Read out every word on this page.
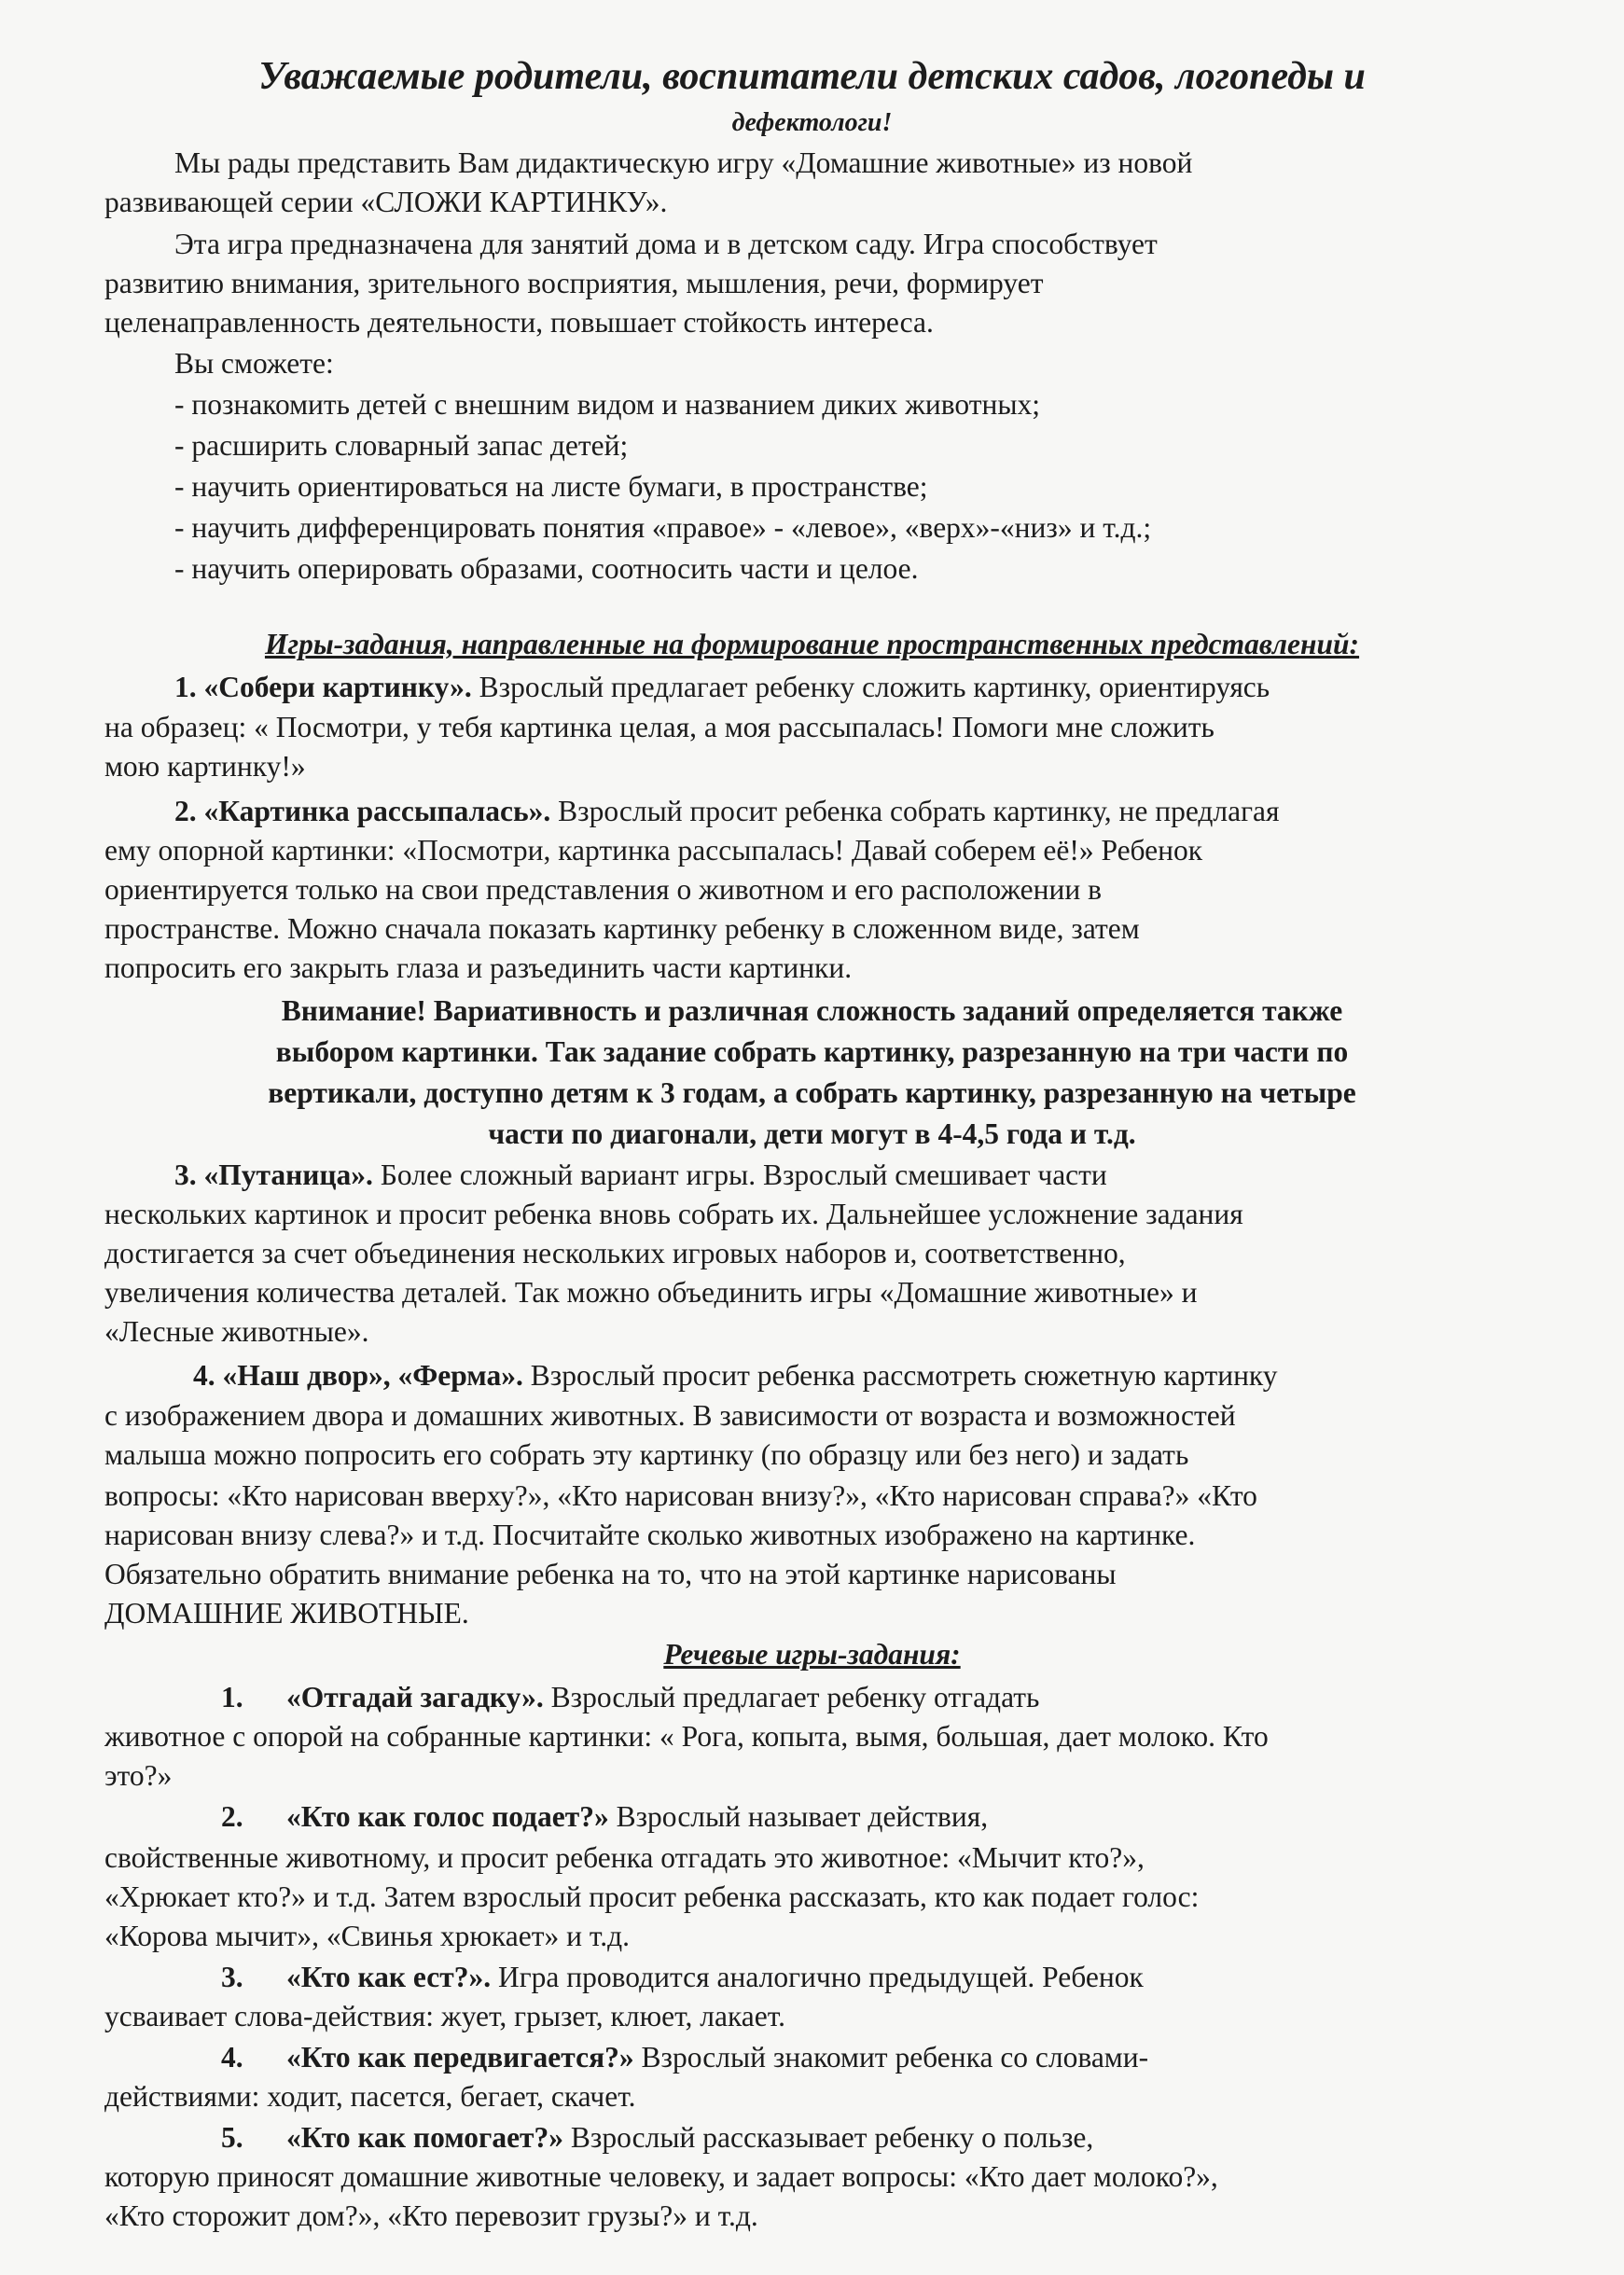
Уважаемые родители, воспитатели детских садов, логопеды и
дефектологи!
Мы рады представить Вам дидактическую игру «Домашние животные» из новой
развивающей серии «СЛОЖИ КАРТИНКУ».
Эта игра предназначена для занятий дома и в детском саду. Игра способствует
развитию внимания, зрительного восприятия, мышления, речи, формирует
целенаправленность деятельности, повышает стойкость интереса.
Вы сможете:
- познакомить детей с внешним видом и названием диких животных;
- расширить словарный запас детей;
- научить ориентироваться на листе бумаги, в пространстве;
- научить дифференцировать понятия «правое» - «левое», «верх»-«низ» и т.д.;
- научить оперировать образами, соотносить части и целое.
Игры-задания, направленные на формирование пространственных представлений:
1. «Собери картинку». Взрослый предлагает ребенку сложить картинку, ориентируясь
на образец: « Посмотри, у тебя картинка целая, а моя рассыпалась! Помоги мне сложить
мою картинку!»
2. «Картинка рассыпалась». Взрослый просит ребенка собрать картинку, не предлагая
ему опорной картинки: «Посмотри, картинка рассыпалась! Давай соберем её!» Ребенок
ориентируется только на свои представления о животном и его расположении в
пространстве. Можно сначала показать картинку ребенку в сложенном виде, затем
попросить его закрыть глаза и разъединить части картинки.
Внимание! Вариативность и различная сложность заданий определяется также
выбором картинки. Так задание собрать картинку, разрезанную на три части по
вертикали, доступно детям к 3 годам, а собрать картинку, разрезанную на четыре
части по диагонали, дети могут в 4-4,5 года и т.д.
3. «Путаница». Более сложный вариант игры. Взрослый смешивает части
нескольких картинок и просит ребенка вновь собрать их. Дальнейшее усложнение задания
достигается за счет объединения нескольких игровых наборов и, соответственно,
увеличения количества деталей. Так можно объединить игры «Домашние животные» и
«Лесные животные».
4. «Наш двор», «Ферма». Взрослый просит ребенка рассмотреть сюжетную картинку
с изображением двора и домашних животных. В зависимости от возраста и возможностей
малыша можно попросить его собрать эту картинку (по образцу или без него) и задать
вопросы: «Кто нарисован вверху?», «Кто нарисован внизу?», «Кто нарисован справа?» «Кто
нарисован внизу слева?» и т.д. Посчитайте сколько животных изображено на картинке.
Обязательно обратить внимание ребенка на то, что на этой картинке нарисованы
ДОМАШНИЕ ЖИВОТНЫЕ.
Речевые игры-задания:
1. «Отгадай загадку». Взрослый предлагает ребенку отгадать
животное с опорой на собранные картинки: « Рога, копыта, вымя, большая, дает молоко. Кто
это?»
2. «Кто как голос подает?» Взрослый называет действия,
свойственные животному, и просит ребенка отгадать это животное: «Мычит кто?»,
«Хрюкает кто?» и т.д. Затем взрослый просит ребенка рассказать, кто как подает голос:
«Корова мычит», «Свинья хрюкает» и т.д.
3. «Кто как ест?». Игра проводится аналогично предыдущей. Ребенок
усваивает слова-действия: жует, грызет, клюет, лакает.
4. «Кто как передвигается?» Взрослый знакомит ребенка со словами-
действиями: ходит, пасется, бегает, скачет.
5. «Кто как помогает?» Взрослый рассказывает ребенку о пользе,
которую приносят домашние животные человеку, и задает вопросы: «Кто дает молоко?»,
«Кто сторожит дом?», «Кто перевозит грузы?» и т.д.
